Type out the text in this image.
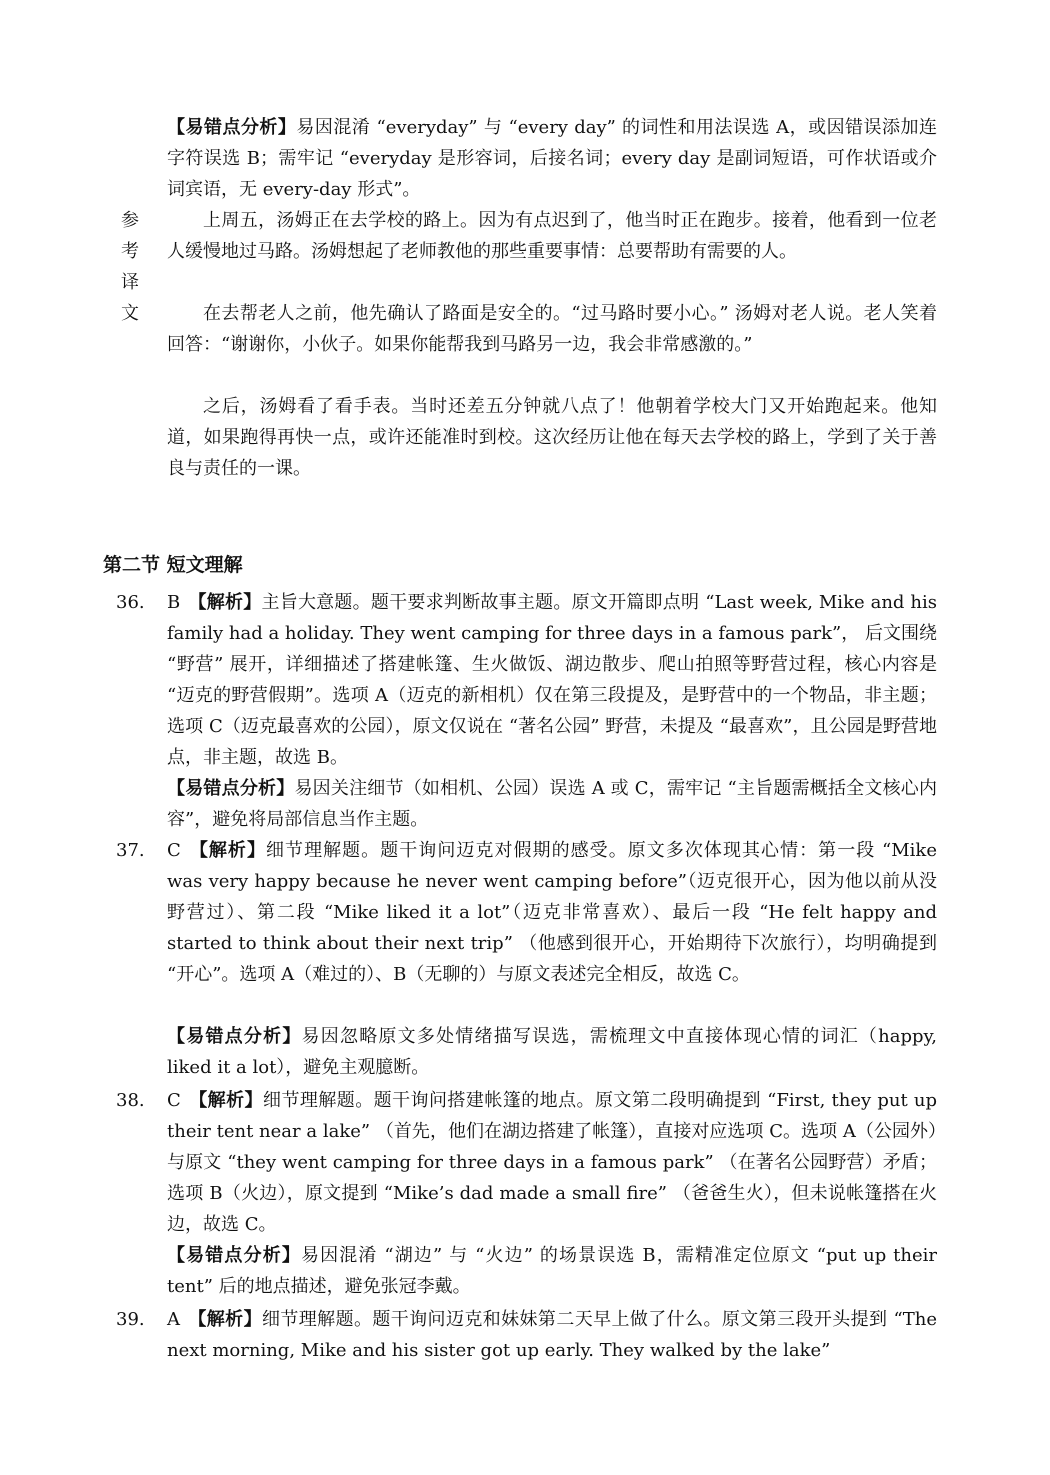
【易错点分析】易因混淆 “everyday” 与 “every day” 的词性和用法误选 A，或因错误添加连字符误选 B；需牢记 “everyday 是形容词，后接名词；every day 是副词短语，可作状语或介词宾语，无 every-day 形式”。

参
考
译
文

上周五，汤姆正在去学校的路上。因为有点迟到了，他当时正在跑步。接着，他看到一位老人缓慢地过马路。汤姆想起了老师教他的那些重要事情：总要帮助有需要的人。

在去帮老人之前，他先确认了路面是安全的。“过马路时要小心。” 汤姆对老人说。老人笑着回答：“谢谢你，小伙子。如果你能帮我到马路另一边，我会非常感激的。”

之后，汤姆看了看手表。当时还差五分钟就八点了！他朝着学校大门又开始跑起来。他知道，如果跑得再快一点，或许还能准时到校。这次经历让他在每天去学校的路上，学到了关于善良与责任的一课。

第二节 短文理解
36.	B 【解析】主旨大意题。题干要求判断故事主题。原文开篇即点明 “Last week, Mike and his family had a holiday. They went camping for three days in a famous park”， 后文围绕 “野营” 展开，详细描述了搭建帐篷、生火做饭、湖边散步、爬山拍照等野营过程，核心内容是 “迈克的野营假期”。选项 A（迈克的新相机）仅在第三段提及，是野营中的一个物品，非主题；选项 C（迈克最喜欢的公园），原文仅说在 “著名公园” 野营，未提及 “最喜欢”，且公园是野营地点，非主题，故选 B。

【易错点分析】易因关注细节（如相机、公园）误选 A 或 C，需牢记 “主旨题需概括全文核心内容”，避免将局部信息当作主题。

37.	C 【解析】细节理解题。题干询问迈克对假期的感受。原文多次体现其心情：第一段 “Mike was very happy because he never went camping before”（迈克很开心，因为他以前从没野营过）、第二段 “Mike liked it a lot”（迈克非常喜欢）、最后一段 “He felt happy and started to think about their next trip” （他感到很开心，开始期待下次旅行），均明确提到 “开心”。选项 A（难过的）、B（无聊的）与原文表述完全相反，故选 C。

【易错点分析】易因忽略原文多处情绪描写误选，需梳理文中直接体现心情的词汇（happy, liked it a lot），避免主观臆断。

38.	C 【解析】细节理解题。题干询问搭建帐篷的地点。原文第二段明确提到 “First, they put up their tent near a lake” （首先，他们在湖边搭建了帐篷），直接对应选项 C。选项 A（公园外）与原文 “they went camping for three days in a famous park” （在著名公园野营）矛盾；选项 B（火边），原文提到 “Mike’s dad made a small fire” （爸爸生火），但未说帐篷搭在火边，故选 C。

【易错点分析】易因混淆 “湖边” 与 “火边” 的场景误选 B，需精准定位原文 “put up their tent” 后的地点描述，避免张冠李戴。

39.	A 【解析】细节理解题。题干询问迈克和妹妹第二天早上做了什么。原文第三段开头提到 “The next morning, Mike and his sister got up early. They walked by the lake”
